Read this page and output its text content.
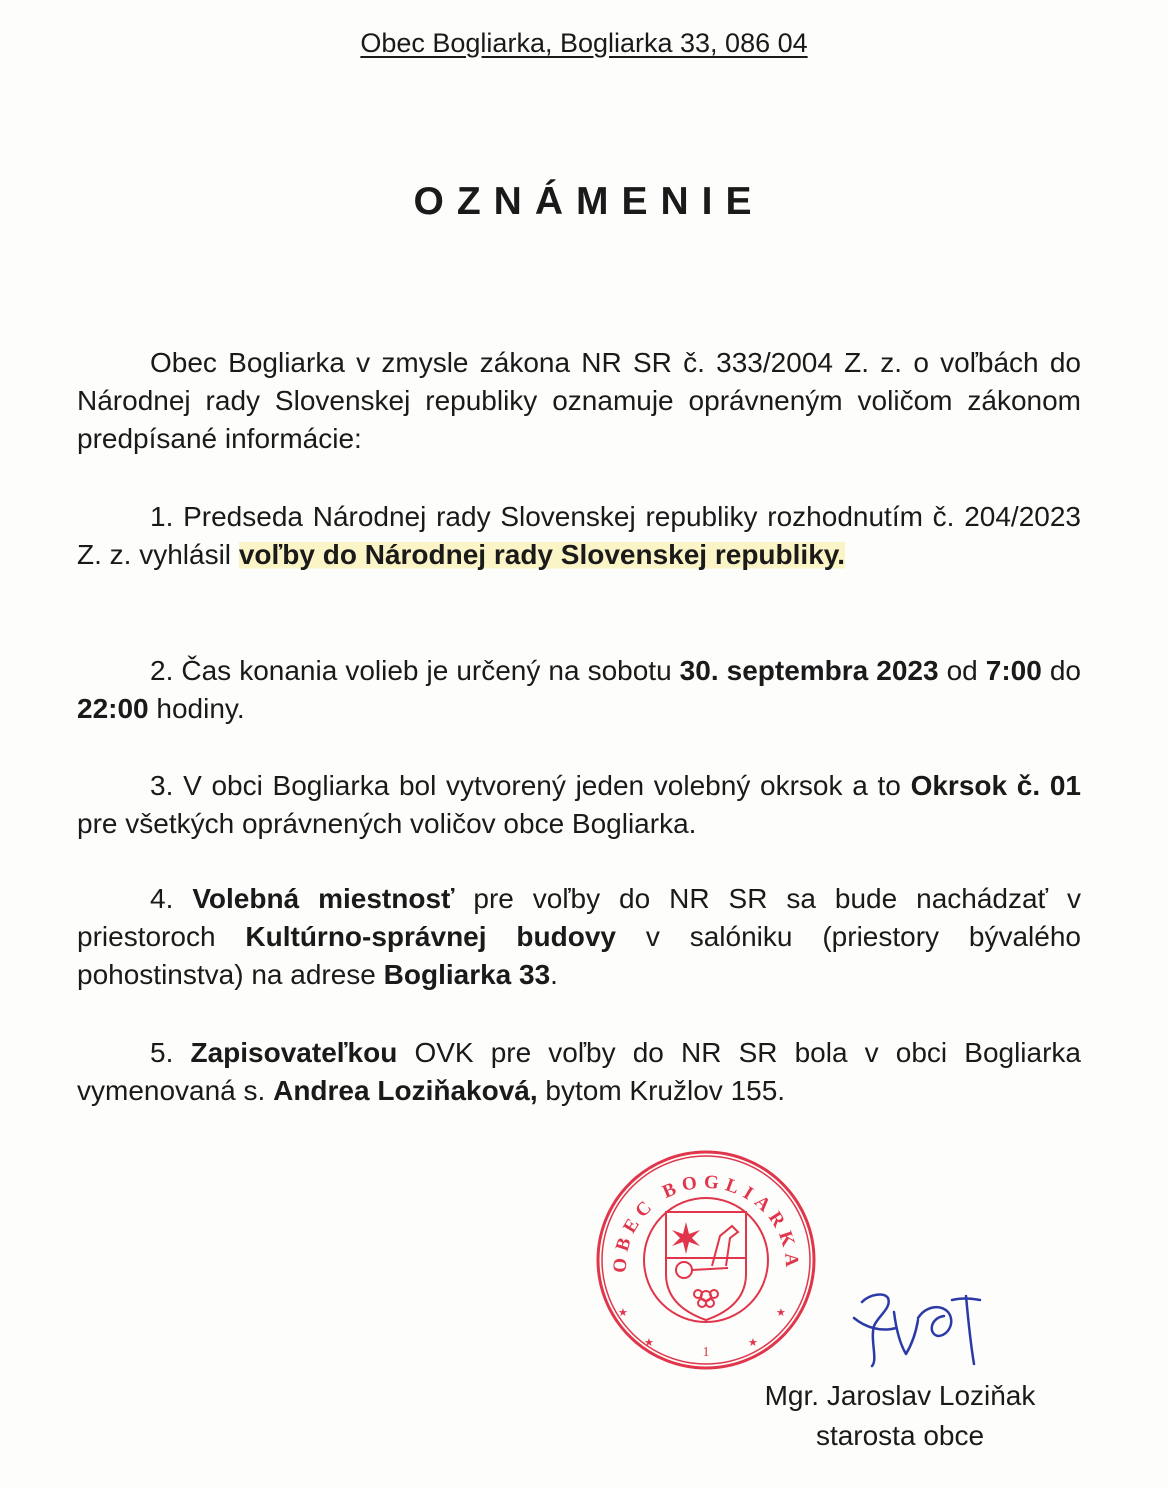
Obec Bogliarka, Bogliarka 33, 086 04
OZNÁMENIE
Obec Bogliarka v zmysle zákona NR SR č. 333/2004 Z. z. o voľbách do Národnej rady Slovenskej republiky oznamuje oprávneným voličom zákonom predpísané informácie:
1. Predseda Národnej rady Slovenskej republiky rozhodnutím č. 204/2023 Z. z. vyhlásil voľby do Národnej rady Slovenskej republiky.
2. Čas konania volieb je určený na sobotu 30. septembra 2023 od 7:00 do 22:00 hodiny.
3. V obci Bogliarka bol vytvorený jeden volebný okrsok a to Okrsok č. 01 pre všetkých oprávnených voličov obce Bogliarka.
4. Volebná miestnosť pre voľby do NR SR sa bude nachádzať v priestoroch Kultúrno-správnej budovy v salóniku (priestory bývalého pohostinstva) na adrese Bogliarka 33.
5. Zapisovateľkou OVK pre voľby do NR SR bola v obci Bogliarka vymenovaná s. Andrea Loziňaková, bytom Kružlov 155.
OBEC BOGLIARKA
★
★	★
★
1
Mgr. Jaroslav Loziňak
starosta obce
